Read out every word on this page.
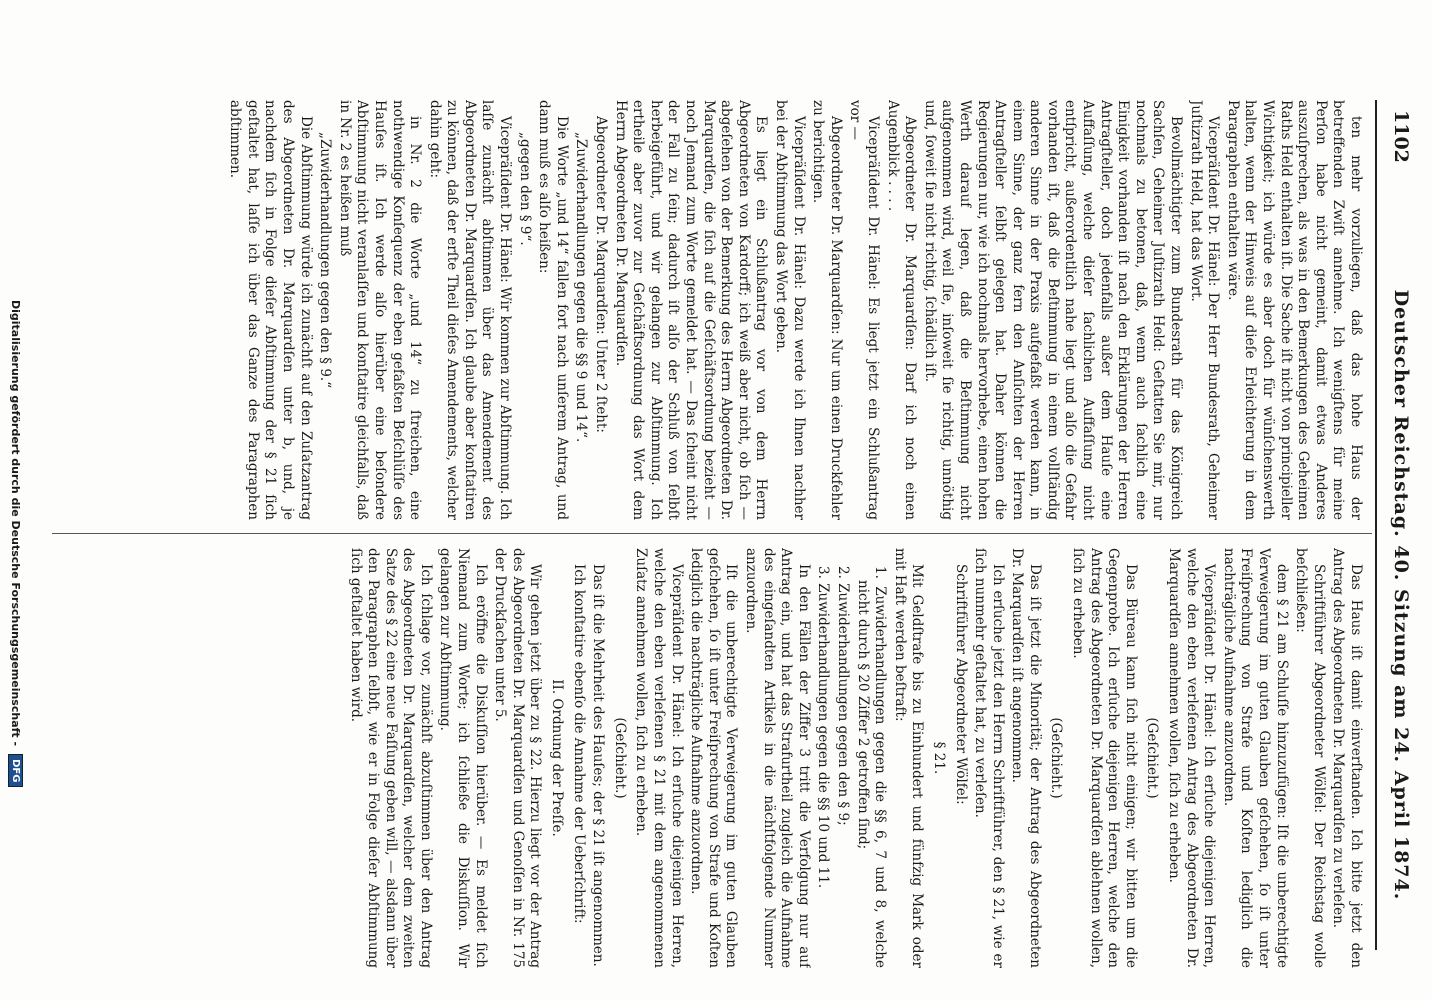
1102
Deutscher Reichstag. 40. Sitzung am 24. April 1874.

ten mehr vorzuliegen, daß das hohe Haus der betreffenden Zwiſt annehme. Ich wenigſtens für meine Perſon habe nicht gemeint, damit etwas Anderes auszuſprechen, als was in den Bemerkungen des Geheimen Raths Held enthalten iſt. Die Sache iſt nicht von principieller Wichtigkeit; ich würde es aber doch für wünſchenswerth halten, wenn der Hinweis auf dieſe Erleichterung in dem Paragraphen enthalten wäre.

Vicepräſident Dr. Hänel: Der Herr Bundesrath, Geheimer Juſtizrath Held, hat das Wort.

Bevollmächtigter zum Bundesrath für das Königreich Sachſen, Geheimer Juſtizrath Held: Geſtatten Sie mir, nur nochmals zu betonen, daß, wenn auch ſachlich eine Einigkeit vorhanden iſt nach den Erklärungen der Herren Antragſteller, doch jedenfalls außer dem Hauſe eine Auffaſſung, welche dieſer ſachlichen Auffaſſung nicht entſpricht, außerordentlich nahe liegt und alſo die Gefahr vorhanden iſt, daß die Beſtimmung in einem vollſtändig anderen Sinne in der Praxis aufgefaßt werden kann, in einem Sinne, der ganz fern den Anſichten der Herren Antragſteller ſelbſt gelegen hat. Daher können die Regierungen nur, wie ich nochmals hervorhebe, einen hohen Werth darauf legen, daß die Beſtimmung nicht aufgenommen wird, weil ſie, inſoweit ſie richtig, unnöthig und, ſoweit ſie nicht richtig, ſchädlich iſt.

Abgeordneter Dr. Marquardſen: Darf ich noch einen Augenblick . . . .

Vicepräſident Dr. Hänel: Es liegt jetzt ein Schlußantrag vor —

Abgeordneter Dr. Marquardſen: Nur um einen Druckfehler zu berichtigen.

Vicepräſident Dr. Hänel: Dazu werde ich Ihnen nachher bei der Abſtimmung das Wort geben.

Es liegt ein Schlußantrag vor von dem Herrn Abgeordneten von Kardorff; ich weiß aber nicht, ob ſich — abgeſehen von der Bemerkung des Herrn Abgeordneten Dr. Marquardſen, die ſich auf die Geſchäftsordnung bezieht — noch Jemand zum Worte gemeldet hat. — Das ſcheint nicht der Fall zu ſein; dadurch iſt alſo der Schluß von ſelbſt herbeigeführt, und wir gelangen zur Abſtimmung. Ich ertheile aber zuvor zur Geſchäftsordnung das Wort dem Herrn Abgeordneten Dr. Marquardſen.

Abgeordneter Dr. Marquardſen: Unter 2 ſteht:

„Zuwiderhandlungen gegen die §§ 9 und 14“.

Die Worte „und 14“ fallen fort nach unſerem Antrag, und dann muß es alſo heißen:

„gegen den § 9“.

Vicepräſident Dr. Hänel: Wir kommen zur Abſtimmung. Ich laſſe zunächſt abſtimmen über das Amendement des Abgeordneten Dr. Marquardſen. Ich glaube aber konſtatiren zu können, daß der erſte Theil dieſes Amendements, welcher dahin geht:

in Nr. 2 die Worte „und 14“ zu ſtreichen, eine nothwendige Konſequenz der eben gefaßten Beſchlüſſe des Hauſes iſt. Ich werde alſo hierüber eine beſondere Abſtimmung nicht veranlaſſen und konſtatire gleichfalls, daß in Nr. 2 es heißen muß

„Zuwiderhandlungen gegen den § 9.“

Die Abſtimmung würde ich zunächſt auf den Zuſatzantrag des Abgeordneten Dr. Marquardſen unter b, und, je nachdem ſich in Folge dieſer Abſtimmung der § 21 ſich geſtaltet hat, laſſe ich über das Ganze des Paragraphen abſtimmen.

Das Haus iſt damit einverſtanden. Ich bitte jetzt den Antrag des Abgeordneten Dr. Marquardſen zu verleſen.

Schriftführer Abgeordneter Wölfel: Der Reichstag wolle beſchließen:

dem § 21 am Schluſſe hinzuzufügen: Iſt die unberechtigte Verweigerung im guten Glauben geſchehen, ſo iſt unter Freiſprechung von Strafe und Koſten lediglich die nachträgliche Aufnahme anzuordnen.

Vicepräſident Dr. Hänel: Ich erſuche diejenigen Herren, welche den eben verleſenen Antrag des Abgeordneten Dr. Marquardſen annehmen wollen, ſich zu erheben.

(Geſchieht.)

Das Büreau kann ſich nicht einigen; wir bitten um die Gegenprobe. Ich erſuche diejenigen Herren, welche den Antrag des Abgeordneten Dr. Marquardſen ablehnen wollen, ſich zu erheben.

(Geſchieht.)

Das iſt jetzt die Minorität; der Antrag des Abgeordneten Dr. Marquardſen iſt angenommen.

Ich erſuche jetzt den Herrn Schriftführer, den § 21, wie er ſich nunmehr geſtaltet hat, zu verleſen.

Schriftführer Abgeordneter Wölfel:

§ 21.

Mit Geldſtrafe bis zu Einhundert und fünfzig Mark oder mit Haft werden beſtraft:

1. Zuwiderhandlungen gegen die §§ 6, 7 und 8, welche nicht durch § 20 Ziffer 2 getroffen ſind;

2. Zuwiderhandlungen gegen den § 9;

3. Zuwiderhandlungen gegen die §§ 10 und 11.

In den Fällen der Ziffer 3 tritt die Verfolgung nur auf Antrag ein, und hat das Strafurtheil zugleich die Aufnahme des eingeſandten Artikels in die nächſtfolgende Nummer anzuordnen.

Iſt die unberechtigte Verweigerung im guten Glauben geſchehen, ſo iſt unter Freiſprechung von Strafe und Koſten lediglich die nachträgliche Aufnahme anzuordnen.

Vicepräſident Dr. Hänel: Ich erſuche diejenigen Herren, welche den eben verleſenen § 21 mit dem angenommenen Zuſatz annehmen wollen, ſich zu erheben.

(Geſchieht.)

Das iſt die Mehrheit des Hauſes; der § 21 iſt angenommen.

Ich konſtatire ebenſo die Annahme der Ueberſchrift:

II. Ordnung der Preſſe.

Wir gehen jetzt über zu § 22. Hierzu liegt vor der Antrag des Abgeordneten Dr. Marquardſen und Genoſſen in Nr. 175 der Druckſachen unter 5.

Ich eröffne die Diskuſſion hierüber. — Es meldet ſich Niemand zum Worte; ich ſchließe die Diskuſſion. Wir gelangen zur Abſtimmung.

Ich ſchlage vor, zunächſt abzuſtimmen über den Antrag des Abgeordneten Dr. Marquardſen, welcher dem zweiten Satze des § 22 eine neue Faſſung geben will, — alsdann über den Paragraphen ſelbſt, wie er in Folge dieſer Abſtimmung ſich geſtaltet haben wird.

Digitalisierung gefördert durch die Deutsche Forschungsgemeinschaft -
DFG
